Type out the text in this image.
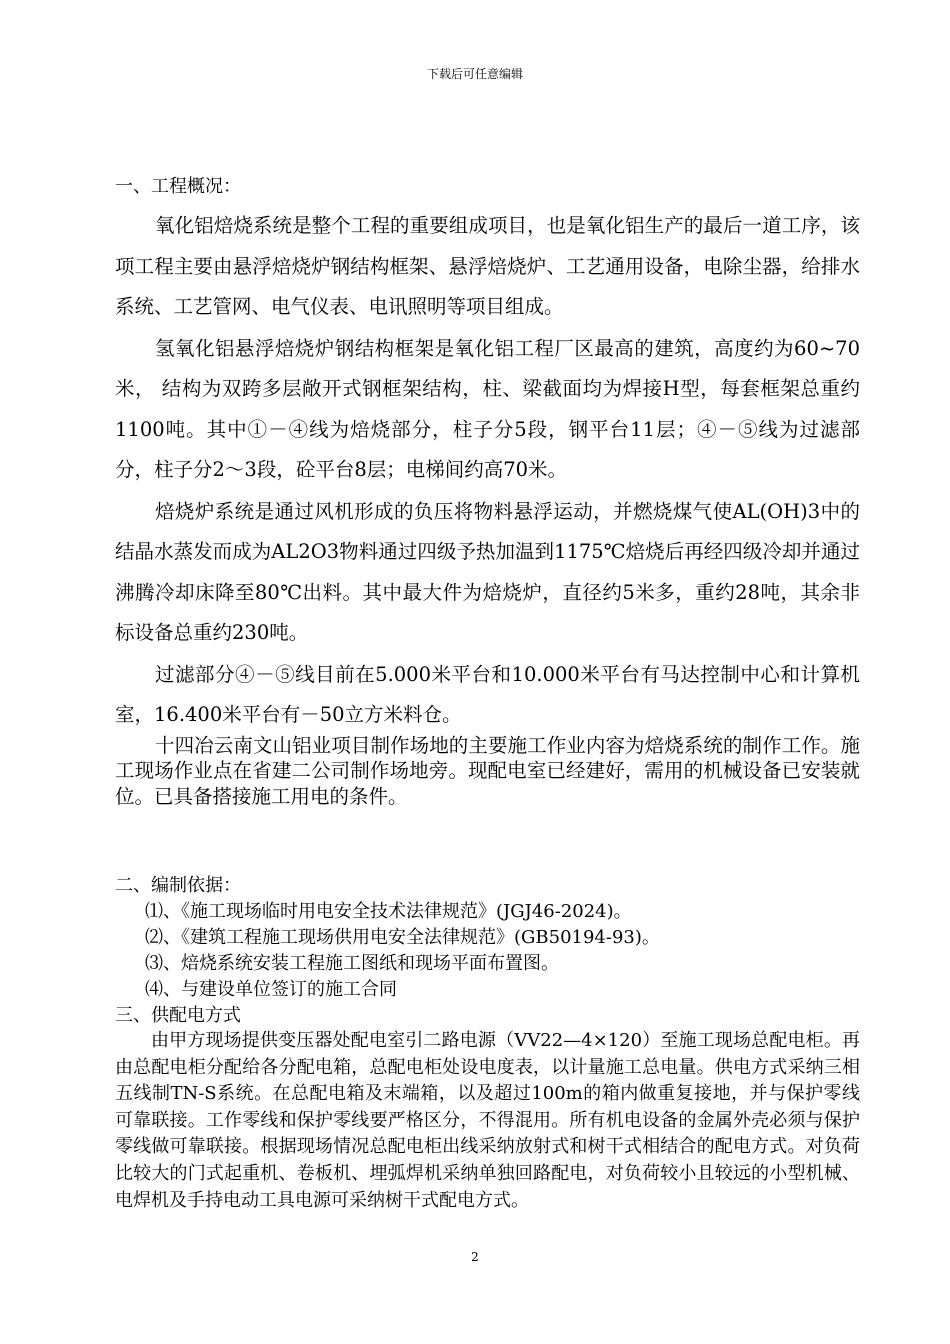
下载后可任意编辑
一、工程概况：

氧化铝焙烧系统是整个工程的重要组成项目，也是氧化铝生产的最后一道工序，该项工程主要由悬浮焙烧炉钢结构框架、悬浮焙烧炉、工艺通用设备，电除尘器，给排水系统、工艺管网、电气仪表、电讯照明等项目组成。

氢氧化铝悬浮焙烧炉钢结构框架是氧化铝工程厂区最高的建筑，高度约为60~70米， 结构为双跨多层敞开式钢框架结构，柱、梁截面均为焊接H型，每套框架总重约1100吨。其中①－④线为焙烧部分，柱子分5段，钢平台11层；④－⑤线为过滤部分，柱子分2～3段，砼平台8层；电梯间约高70米。

焙烧炉系统是通过风机形成的负压将物料悬浮运动，并燃烧煤气使AL(OH)3中的结晶水蒸发而成为AL2O3物料通过四级予热加温到1175℃焙烧后再经四级冷却并通过沸腾冷却床降至80℃出料。其中最大件为焙烧炉，直径约5米多，重约28吨，其余非标设备总重约230吨。

过滤部分④－⑤线目前在5.000米平台和10.000米平台有马达控制中心和计算机室，16.400米平台有－50立方米料仓。

十四冶云南文山铝业项目制作场地的主要施工作业内容为焙烧系统的制作工作。施工现场作业点在省建二公司制作场地旁。现配电室已经建好，需用的机械设备已安装就位。已具备搭接施工用电的条件。

二、编制依据：
⑴、《施工现场临时用电安全技术法律规范》(JGJ46-2024)。
⑵、《建筑工程施工现场供用电安全法律规范》(GB50194-93)。
⑶、焙烧系统安装工程施工图纸和现场平面布置图。
⑷、与建设单位签订的施工合同
三、供配电方式

由甲方现场提供变压器处配电室引二路电源（VV22—4×120）至施工现场总配电柜。再由总配电柜分配给各分配电箱，总配电柜处设电度表，以计量施工总电量。供电方式采纳三相五线制TN-S系统。在总配电箱及末端箱，以及超过100m的箱内做重复接地，并与保护零线可靠联接。工作零线和保护零线要严格区分，不得混用。所有机电设备的金属外壳必须与保护零线做可靠联接。根据现场情况总配电柜出线采纳放射式和树干式相结合的配电方式。对负荷比较大的门式起重机、卷板机、埋弧焊机采纳单独回路配电，对负荷较小且较远的小型机械、电焊机及手持电动工具电源可采纳树干式配电方式。

2
